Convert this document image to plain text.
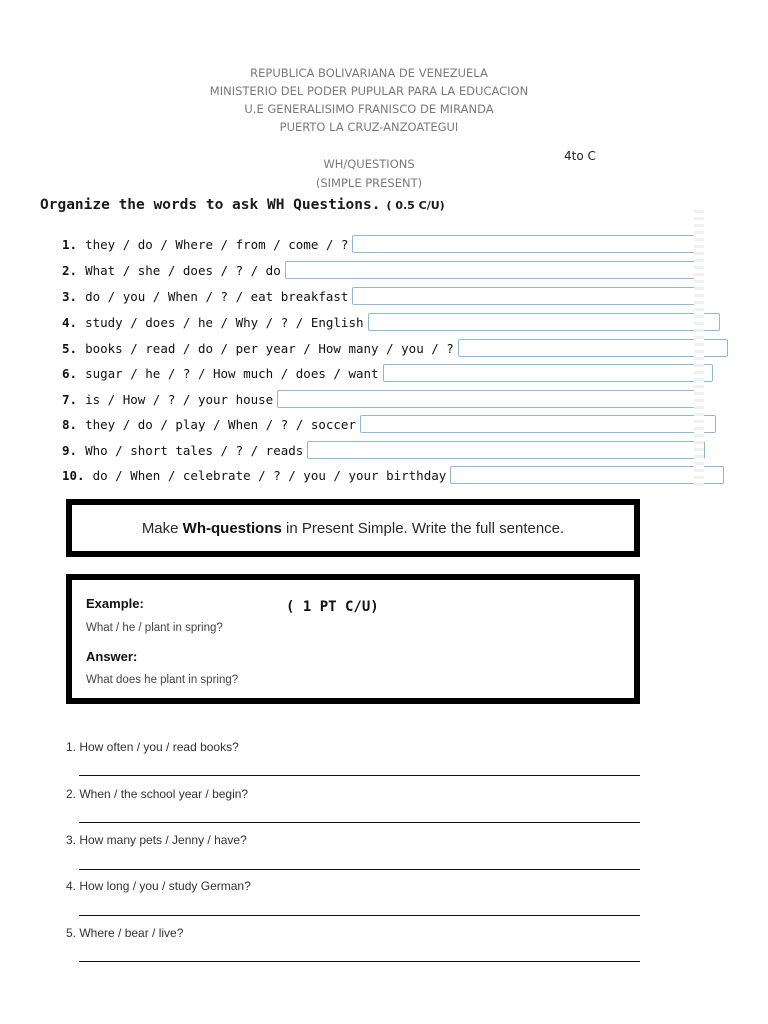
REPUBLICA BOLIVARIANA DE VENEZUELA
MINISTERIO DEL PODER PUPULAR PARA LA EDUCACION
U.E GENERALISIMO FRANISCO DE MIRANDA
PUERTO LA CRUZ-ANZOATEGUI
4to C
WH/QUESTIONS
(SIMPLE PRESENT)
Organize the words to ask WH Questions. ( 0.5 C/U)
1. they / do / Where / from / come / ?
2. What / she / does / ? / do
3. do / you / When / ? / eat breakfast
4. study / does / he / Why / ? / English
5. books / read / do / per year / How many / you / ?
6. sugar / he / ? / How much / does / want
7. is / How / ? / your house
8. they / do / play / When / ? / soccer
9. Who / short tales / ? / reads
10. do / When / celebrate / ? / you / your birthday
Make Wh-questions in Present Simple. Write the full sentence.
Example:	( 1 PT C/U)
What / he / plant in spring?
Answer:
What does he plant in spring?
1. How often / you / read books?
2. When / the school year / begin?
3. How many pets / Jenny / have?
4. How long / you / study German?
5. Where / bear / live?
